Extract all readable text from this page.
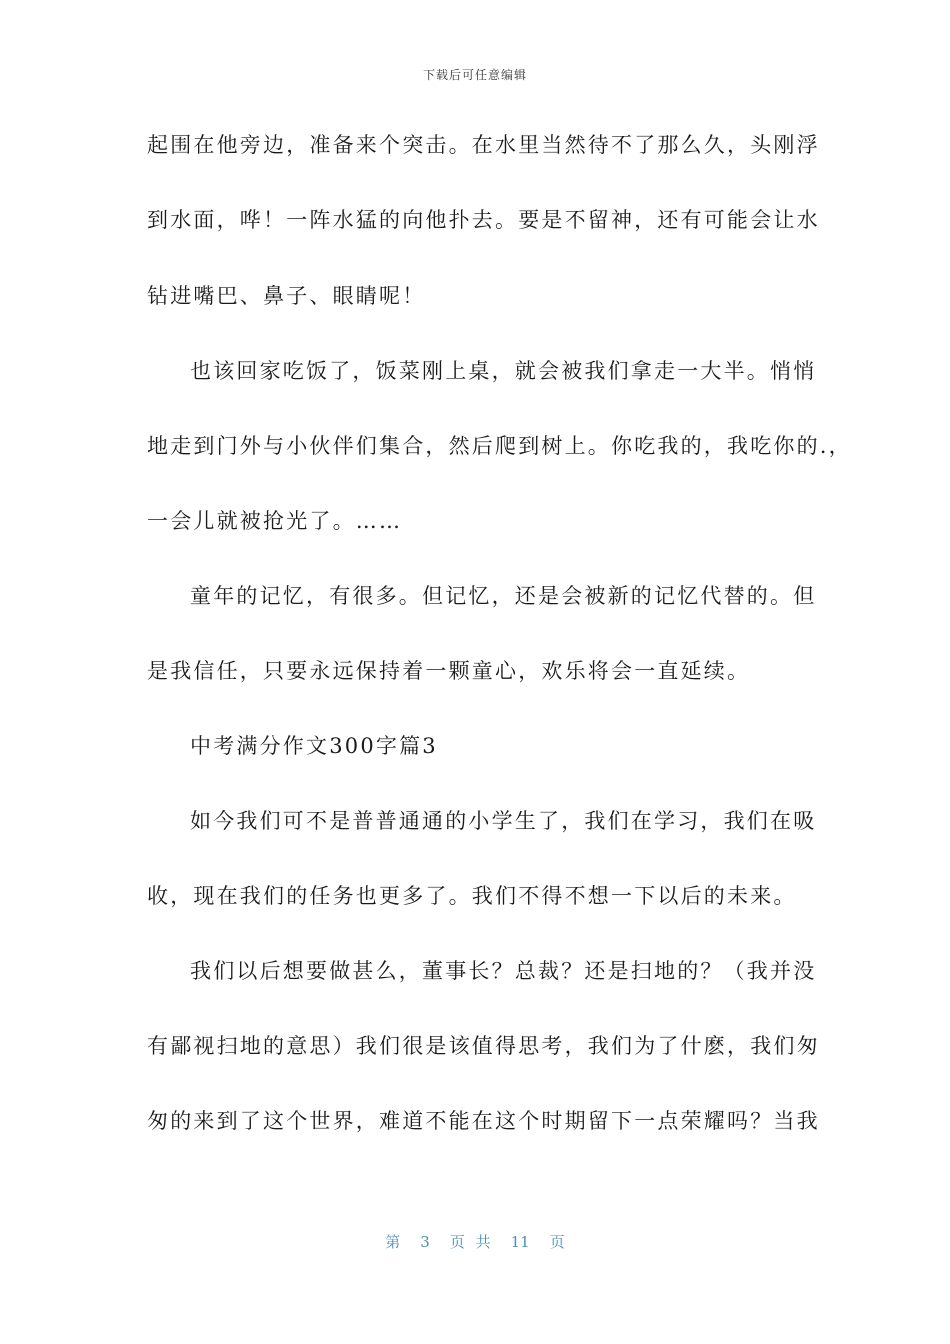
下载后可任意编辑
起围在他旁边，准备来个突击。在水里当然待不了那么久，头刚浮
到水面，哗！一阵水猛的向他扑去。要是不留神，还有可能会让水
钻进嘴巴、鼻子、眼睛呢！
也该回家吃饭了，饭菜刚上桌，就会被我们拿走一大半。悄悄
地走到门外与小伙伴们集合，然后爬到树上。你吃我的，我吃你的.，
一会儿就被抢光了。……
童年的记忆，有很多。但记忆，还是会被新的记忆代替的。但
是我信任，只要永远保持着一颗童心，欢乐将会一直延续。
中考满分作文300字篇3
如今我们可不是普普通通的小学生了，我们在学习，我们在吸
收，现在我们的任务也更多了。我们不得不想一下以后的未来。
我们以后想要做甚么，董事长？总裁？还是扫地的？（我并没
有鄙视扫地的意思）我们很是该值得思考，我们为了什麽，我们匆
匆的来到了这个世界，难道不能在这个时期留下一点荣耀吗？当我
第 3 页 共 11 页
